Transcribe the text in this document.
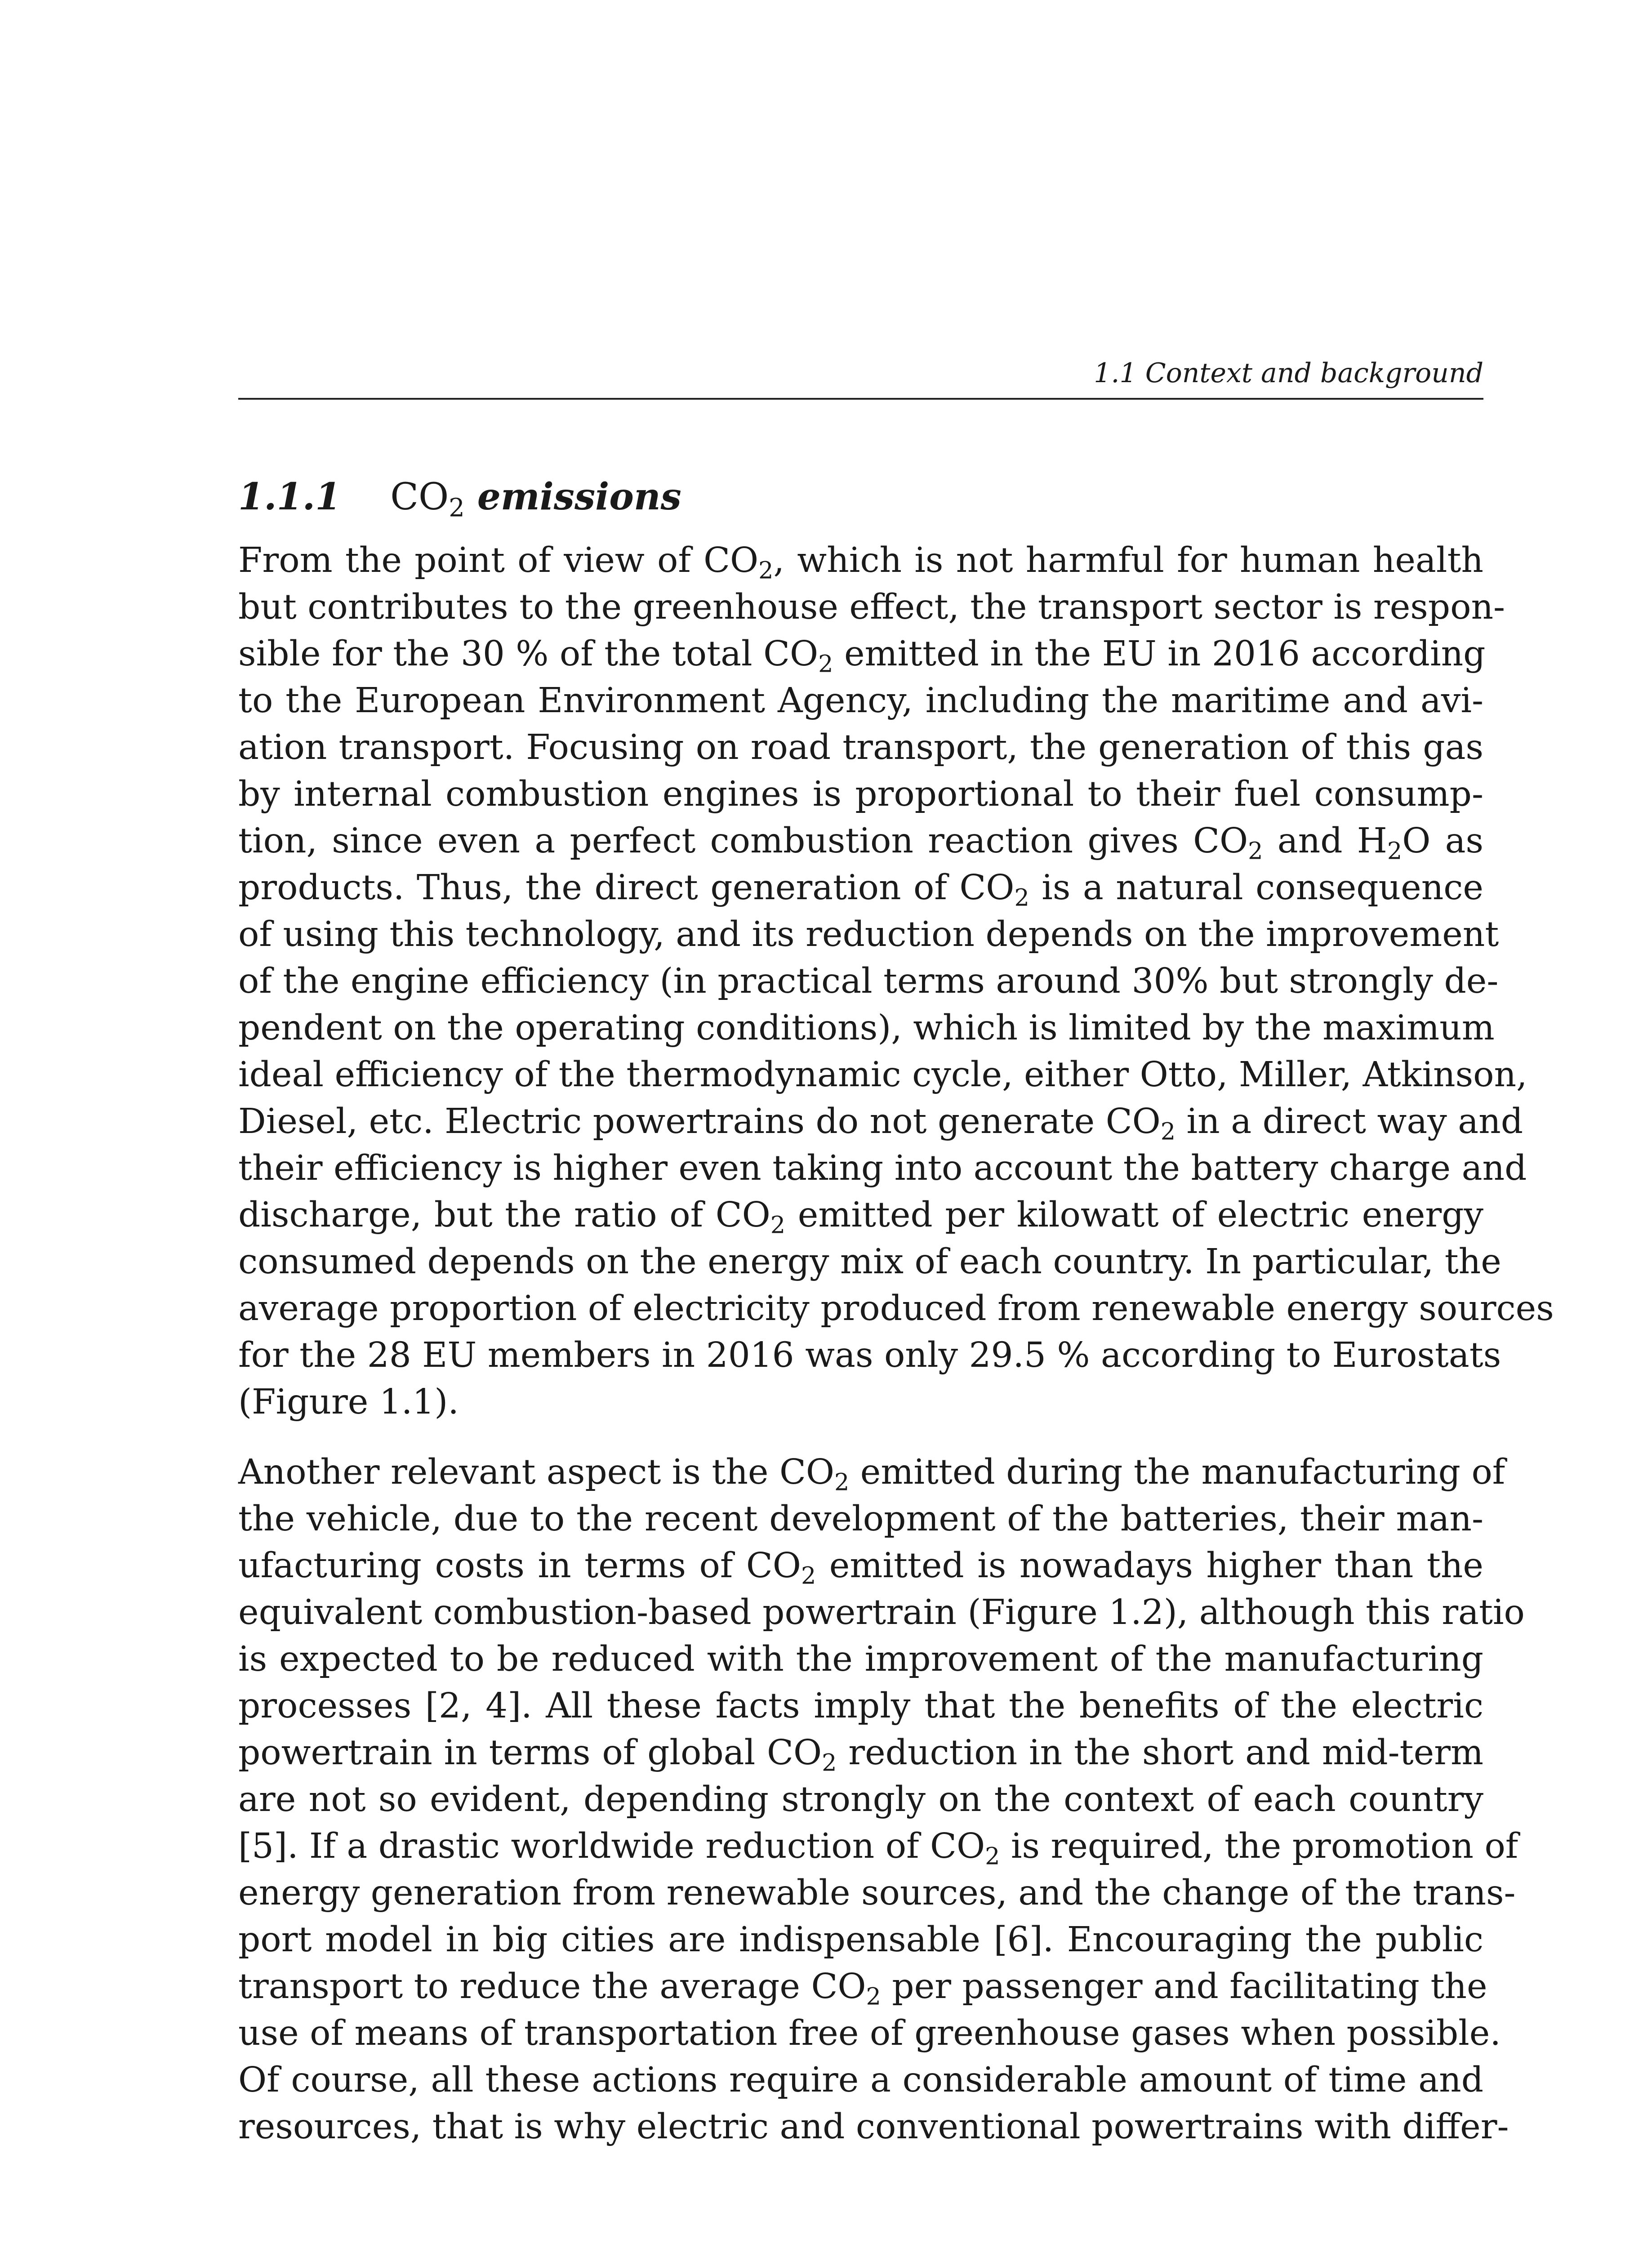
1.1 Context and background
1.1.1 $CO_2$ emissions

From the point of view of $CO_2$, which is not harmful for human health
but contributes to the greenhouse effect, the transport sector is respon-
sible for the 30 % of the total $CO_2$ emitted in the EU in 2016 according
to the European Environment Agency, including the maritime and avi-
ation transport. Focusing on road transport, the generation of this gas
by internal combustion engines is proportional to their fuel consump-
tion, since even a perfect combustion reaction gives $CO_2$ and $H_2O$ as
products. Thus, the direct generation of $CO_2$ is a natural consequence
of using this technology, and its reduction depends on the improvement
of the engine efficiency (in practical terms around 30% but strongly de-
pendent on the operating conditions), which is limited by the maximum
ideal efficiency of the thermodynamic cycle, either Otto, Miller, Atkinson,
Diesel, etc. Electric powertrains do not generate $CO_2$ in a direct way and
their efficiency is higher even taking into account the battery charge and
discharge, but the ratio of $CO_2$ emitted per kilowatt of electric energy
consumed depends on the energy mix of each country. In particular, the
average proportion of electricity produced from renewable energy sources
for the 28 EU members in 2016 was only 29.5 % according to Eurostats
(Figure 1.1).

Another relevant aspect is the $CO_2$ emitted during the manufacturing of
the vehicle, due to the recent development of the batteries, their man-
ufacturing costs in terms of $CO_2$ emitted is nowadays higher than the
equivalent combustion-based powertrain (Figure 1.2), although this ratio
is expected to be reduced with the improvement of the manufacturing
processes [2, 4]. All these facts imply that the benefits of the electric
powertrain in terms of global $CO_2$ reduction in the short and mid-term
are not so evident, depending strongly on the context of each country
[5]. If a drastic worldwide reduction of $CO_2$ is required, the promotion of
energy generation from renewable sources, and the change of the trans-
port model in big cities are indispensable [6]. Encouraging the public
transport to reduce the average $CO_2$ per passenger and facilitating the
use of means of transportation free of greenhouse gases when possible.
Of course, all these actions require a considerable amount of time and
resources, that is why electric and conventional powertrains with differ-
